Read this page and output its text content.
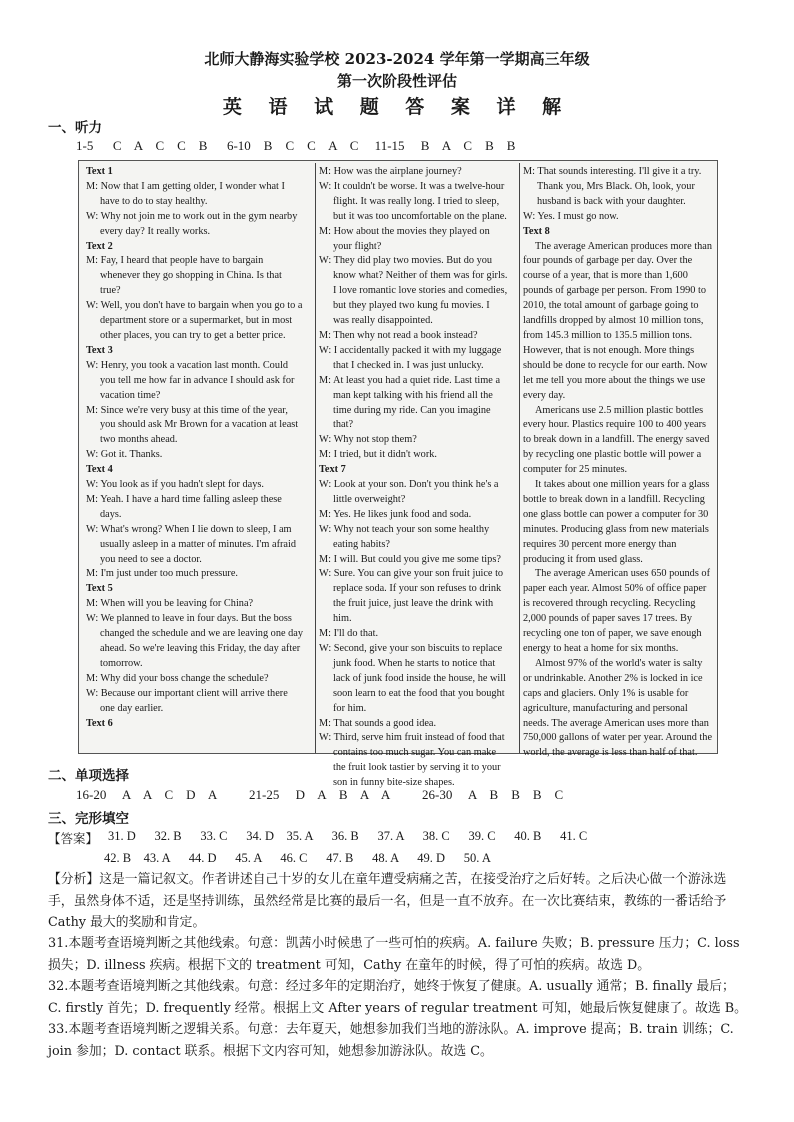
北师大静海实验学校 2023-2024 学年第一学期高三年级
第一次阶段性评估
英 语 试 题 答 案 详 解
一、听力
1-5      C    A    C    C    B      6-10    B    C    C    A    C     11-15     B    A    C    B    B

Text 1

M: Now that I am getting older, I wonder what I have to do to stay healthy.

W: Why not join me to work out in the gym nearby every day? It really works.

Text 2

M: Fay, I heard that people have to bargain whenever they go shopping in China. Is that true?

W: Well, you don't have to bargain when you go to a department store or a supermarket, but in most other places, you can try to get a better price.

Text 3

W: Henry, you took a vacation last month. Could you tell me how far in advance I should ask for vacation time?

M: Since we're very busy at this time of the year, you should ask Mr Brown for a vacation at least two months ahead.

W: Got it. Thanks.

Text 4

W: You look as if you hadn't slept for days.

M: Yeah. I have a hard time falling asleep these days.

W: What's wrong? When I lie down to sleep, I am usually asleep in a matter of minutes. I'm afraid you need to see a doctor.

M: I'm just under too much pressure.

Text 5

M: When will you be leaving for China?

W: We planned to leave in four days. But the boss changed the schedule and we are leaving one day ahead. So we're leaving this Friday, the day after tomorrow.

M: Why did your boss change the schedule?

W: Because our important client will arrive there one day earlier.

Text 6

M: How was the airplane journey?

W: It couldn't be worse. It was a twelve-hour flight. It was really long. I tried to sleep, but it was too uncomfortable on the plane.

M: How about the movies they played on your flight?

W: They did play two movies. But do you know what? Neither of them was for girls. I love romantic love stories and comedies, but they played two kung fu movies. I was really disappointed.

M: Then why not read a book instead?

W: I accidentally packed it with my luggage that I checked in. I was just unlucky.

M: At least you had a quiet ride. Last time a man kept talking with his friend all the time during my ride. Can you imagine that?

W: Why not stop them?

M: I tried, but it didn't work.

Text 7

W: Look at your son. Don't you think he's a little overweight?

M: Yes. He likes junk food and soda.

W: Why not teach your son some healthy eating habits?

M: I will. But could you give me some tips?

W: Sure. You can give your son fruit juice to replace soda. If your son refuses to drink the fruit juice, just leave the drink with him.

M: I'll do that.

W: Second, give your son biscuits to replace junk food. When he starts to notice that lack of junk food inside the house, he will soon learn to eat the food that you bought for him.

M: That sounds a good idea.

W: Third, serve him fruit instead of food that contains too much sugar. You can make the fruit look tastier by serving it to your son in funny bite-size shapes.

M: That sounds interesting. I'll give it a try. Thank you, Mrs Black. Oh, look, your husband is back with your daughter.

W: Yes. I must go now.

Text 8

The average American produces more than four pounds of garbage per day. Over the course of a year, that is more than 1,600 pounds of garbage per person. From 1990 to 2010, the total amount of garbage going to landfills dropped by almost 10 million tons, from 145.3 million to 135.5 million tons. However, that is not enough. More things should be done to recycle for our earth. Now let me tell you more about the things we use every day.

Americans use 2.5 million plastic bottles every hour. Plastics require 100 to 400 years to break down in a landfill. The energy saved by recycling one plastic bottle will power a computer for 25 minutes.

It takes about one million years for a glass bottle to break down in a landfill. Recycling one glass bottle can power a computer for 30 minutes. Producing glass from new materials requires 30 percent more energy than producing it from used glass.

The average American uses 650 pounds of paper each year. Almost 50% of office paper is recovered through recycling. Recycling 2,000 pounds of paper saves 17 trees. By recycling one ton of paper, we save enough energy to heat a home for six months.

Almost 97% of the world's water is salty or undrinkable. Another 2% is locked in ice caps and glaciers. Only 1% is usable for agriculture, manufacturing and personal needs. The average American uses more than 750,000 gallons of water per year. Around the world, the average is less than half of that.

二、单项选择
16-20     A    A    C    D    A          21-25     D    A    B    A    A          26-30     A    B    B    B    C
三、完形填空
【答案】 31. D      32. B      33. C      34. D    35. A      36. B      37. A      38. C      39. C      40. B      41. C
42. B    43. A      44. D      45. A      46. C      47. B      48. A      49. D      50. A
【分析】这是一篇记叙文。作者讲述自己十岁的女儿在童年遭受病痛之苦，在接受治疗之后好转。之后决心做一个游泳选手，虽然身体不适，还是坚持训练，虽然经常是比赛的最后一名，但是一直不放弃。在一次比赛结束，教练的一番话给予 Cathy 最大的奖励和肯定。
31.本题考查语境判断之其他线索。句意：凯茜小时候患了一些可怕的疾病。A. failure 失败；B. pressure 压力；C. loss 损失；D. illness 疾病。根据下文的 treatment 可知，Cathy 在童年的时候，得了可怕的疾病。故选 D。
32.本题考查语境判断之其他线索。句意：经过多年的定期治疗，她终于恢复了健康。A. usually 通常；B. finally 最后；C. firstly 首先；D. frequently 经常。根据上文 After years of regular treatment 可知，她最后恢复健康了。故选 B。
33.本题考查语境判断之逻辑关系。句意：去年夏天，她想参加我们当地的游泳队。A. improve 提高；B. train 训练；C. join 参加；D. contact 联系。根据下文内容可知，她想参加游泳队。故选 C。
